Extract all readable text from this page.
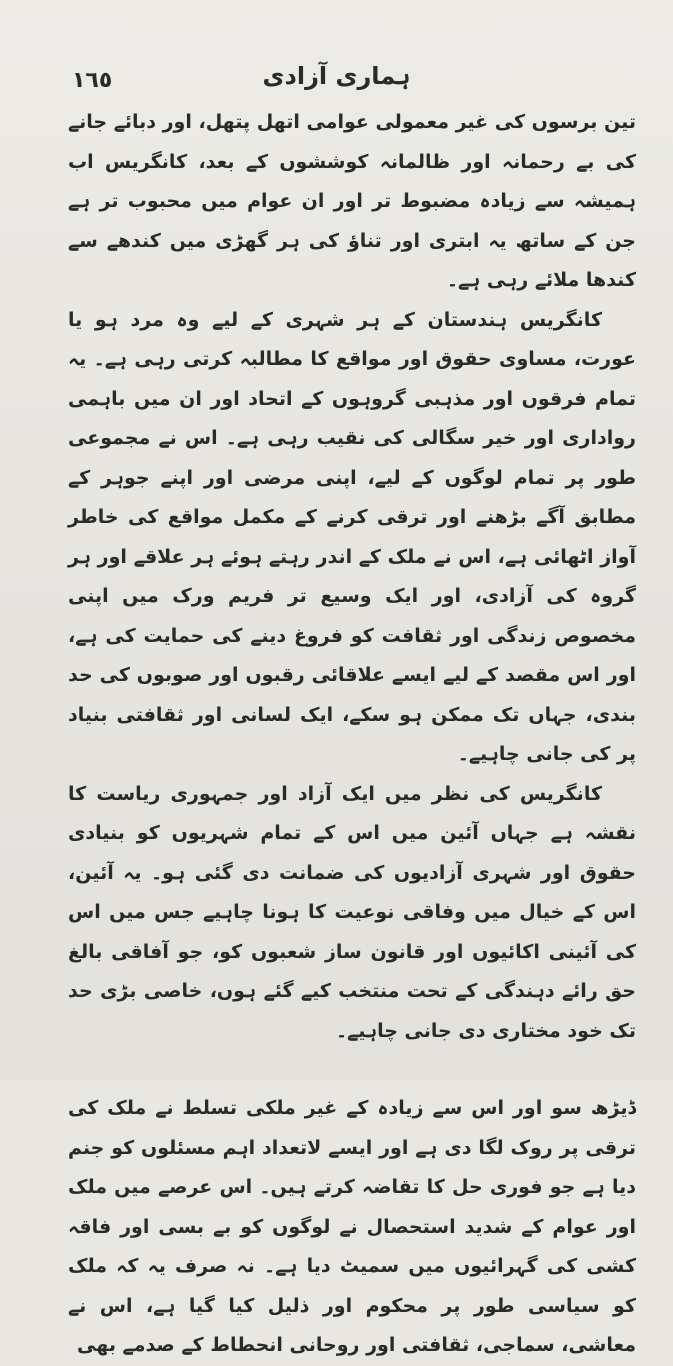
١٦٥	ہماری آزادی

تین برسوں کی غیر معمولی عوامی اتھل پتھل، اور دبائے جانے کی بے رحمانہ اور ظالمانہ کوششوں کے بعد، کانگریس اب ہمیشہ سے زیادہ مضبوط تر اور ان عوام میں محبوب تر ہے جن کے ساتھ یہ ابتری اور تناؤ کی ہر گھڑی میں کندھے سے کندھا ملائے رہی ہے۔

کانگریس ہندستان کے ہر شہری کے لیے وہ مرد ہو یا عورت، مساوی حقوق اور مواقع کا مطالبہ کرتی رہی ہے۔ یہ تمام فرقوں اور مذہبی گروہوں کے اتحاد اور ان میں باہمی رواداری اور خیر سگالی کی نقیب رہی ہے۔ اس نے مجموعی طور پر تمام لوگوں کے لیے، اپنی مرضی اور اپنے جوہر کے مطابق آگے بڑھنے اور ترقی کرنے کے مکمل مواقع کی خاطر آواز اٹھائی ہے، اس نے ملک کے اندر رہتے ہوئے ہر علاقے اور ہر گروہ کی آزادی، اور ایک وسیع تر فریم ورک میں اپنی مخصوص زندگی اور ثقافت کو فروغ دینے کی حمایت کی ہے، اور اس مقصد کے لیے ایسے علاقائی رقبوں اور صوبوں کی حد بندی، جہاں تک ممکن ہو سکے، ایک لسانی اور ثقافتی بنیاد پر کی جانی چاہیے۔

کانگریس کی نظر میں ایک آزاد اور جمہوری ریاست کا نقشہ ہے جہاں آئین میں اس کے تمام شہریوں کو بنیادی حقوق اور شہری آزادیوں کی ضمانت دی گئی ہو۔ یہ آئین، اس کے خیال میں وفاقی نوعیت کا ہونا چاہیے جس میں اس کی آئینی اکائیوں اور قانون ساز شعبوں کو، جو آفاقی بالغ حق رائے دہندگی کے تحت منتخب کیے گئے ہوں، خاصی بڑی حد تک خود مختاری دی جانی چاہیے۔

ڈیڑھ سو اور اس سے زیادہ کے غیر ملکی تسلط نے ملک کی ترقی پر روک لگا دی ہے اور ایسے لاتعداد اہم مسئلوں کو جنم دیا ہے جو فوری حل کا تقاضہ کرتے ہیں۔ اس عرصے میں ملک اور عوام کے شدید استحصال نے لوگوں کو بے بسی اور فاقہ کشی کی گہرائیوں میں سمیٹ دیا ہے۔ نہ صرف یہ کہ ملک کو سیاسی طور پر محکوم اور ذلیل کیا گیا ہے، اس نے معاشی، سماجی، ثقافتی اور روحانی انحطاط کے صدمے بھی
